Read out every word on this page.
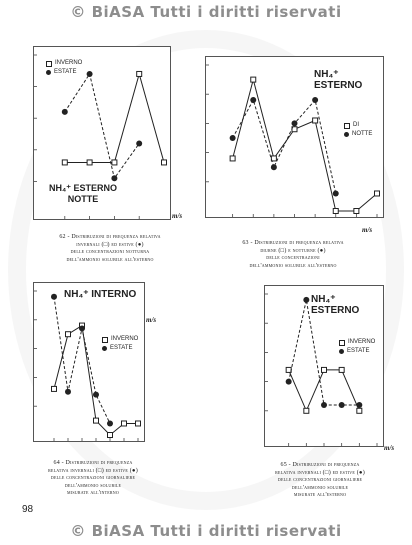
© BiASA Tutti i diritti riservati
© BiASA Tutti i diritti riservati
INVERNO
ESTATE
NH₄⁺ ESTERNO
NOTTE
m/s
62 - Distribuzioni di frequenza relativa
invernali (□) ed estive (●)
delle concentrazioni notturna
dell'ammonio solubile all'esterno
NH₄⁺ ESTERNO
DI
NOTTE
m/s
63 - Distribuzioni di frequenza relativa
diurne (□) e notturne (●)
delle concentrazioni
dell'ammonio solubile all'esterno
NH₄⁺ INTERNO
INVERNO
ESTATE
m/s
64 - Distribuzioni di frequenza
relativa invernali (□) ed estive (●)
delle concentrazioni giornaliere
dell'ammonio solubile
misurate all'interno
NH₄⁺ ESTERNO
INVERNO
ESTATE
m/s
65 - Distribuzioni di frequenza
relativa invernali (□) ed estive (●)
delle concentrazioni giornaliere
dell'ammonio solubile
misurate all'esterno
98
